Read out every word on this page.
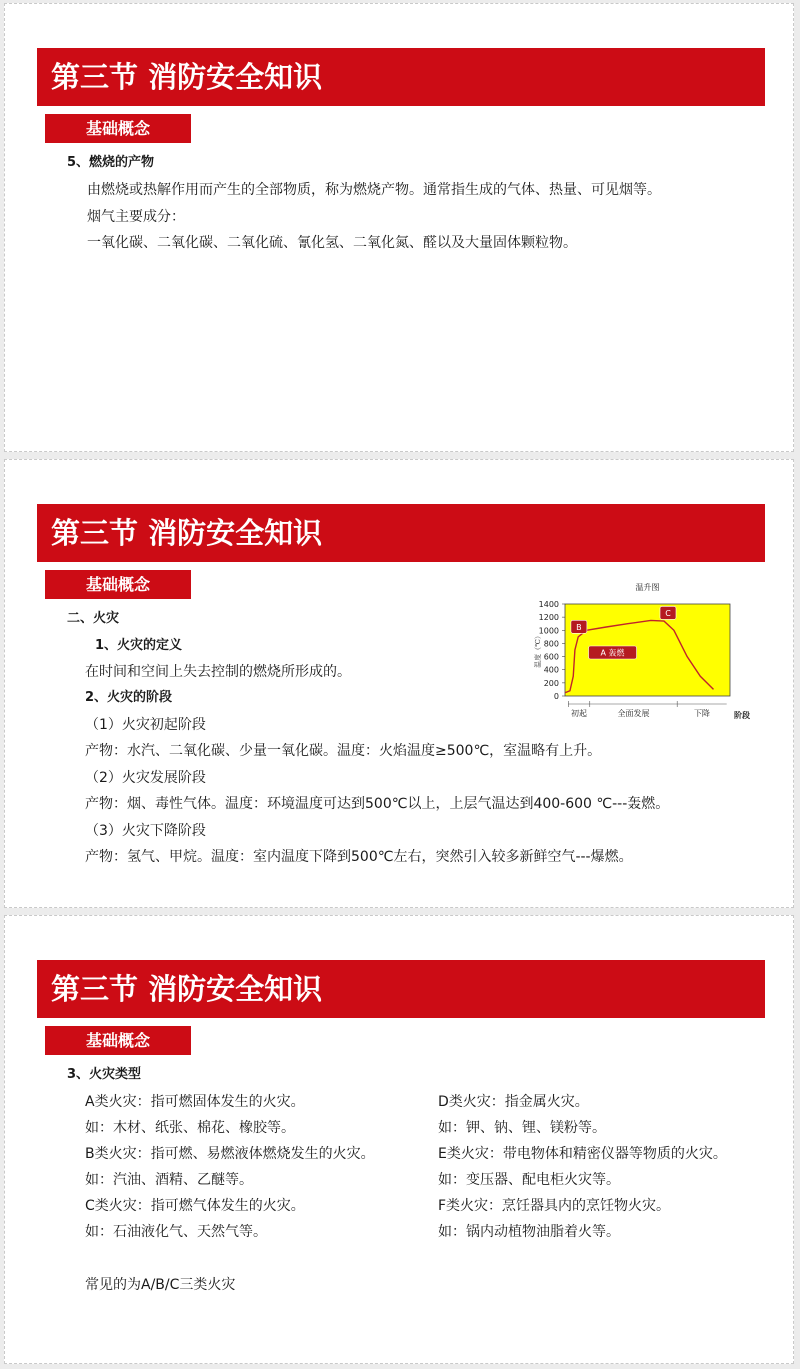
第三节 消防安全知识
基础概念
5、燃烧的产物
由燃烧或热解作用而产生的全部物质，称为燃烧产物。通常指生成的气体、热量、可见烟等。
烟气主要成分：
一氧化碳、二氧化碳、二氧化硫、氰化氢、二氧化氮、醛以及大量固体颗粒物。
第三节 消防安全知识
基础概念
二、火灾
1、火灾的定义
在时间和空间上失去控制的燃烧所形成的。
2、火灾的阶段
（1）火灾初起阶段
产物：水汽、二氧化碳、少量一氧化碳。温度：火焰温度≥500℃，室温略有上升。
（2）火灾发展阶段
产物：烟、毒性气体。温度：环境温度可达到500℃以上，上层气温达到400-600 ℃---轰燃。
（3）火灾下降阶段
产物：氢气、甲烷。温度：室内温度下降到500℃左右，突然引入较多新鲜空气---爆燃。
温升图
0
200
400
600
800
1000
1200
1400
温度（℃）
初起	全面发展	下降	阶段
A 轰燃
B
C
第三节 消防安全知识
基础概念
3、火灾类型
A类火灾：指可燃固体发生的火灾。
如：木材、纸张、棉花、橡胶等。
B类火灾：指可燃、易燃液体燃烧发生的火灾。
如：汽油、酒精、乙醚等。
C类火灾：指可燃气体发生的火灾。
如：石油液化气、天然气等。
D类火灾：指金属火灾。
如：钾、钠、锂、镁粉等。
E类火灾：带电物体和精密仪器等物质的火灾。
如：变压器、配电柜火灾等。
F类火灾：烹饪器具内的烹饪物火灾。
如：锅内动植物油脂着火等。
常见的为A/B/C三类火灾
